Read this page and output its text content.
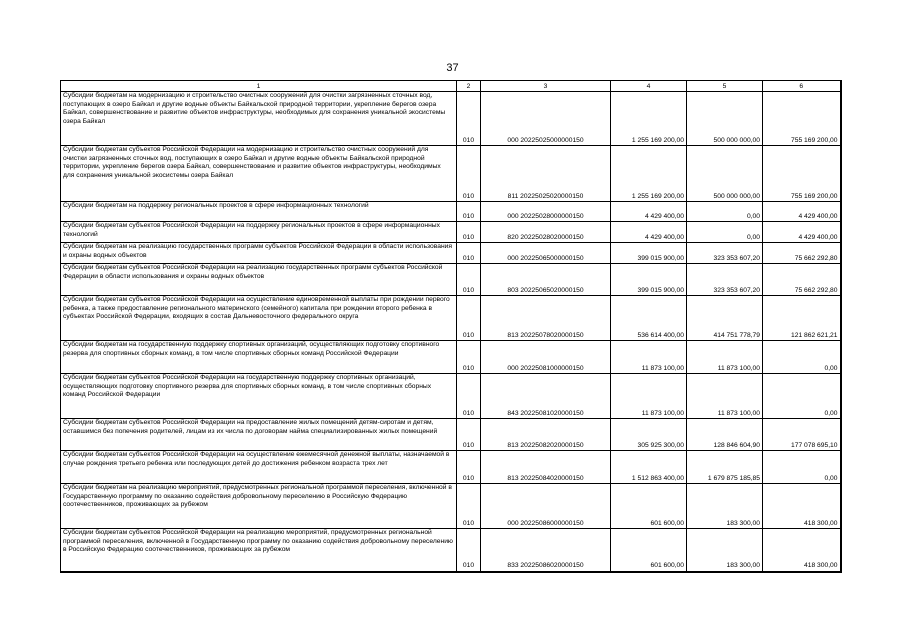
37
1	2	3	4	5	6
Субсидии бюджетам на модернизацию и строительство очистных сооружений для очистки загрязненных сточных вод, поступающих в озеро Байкал и другие водные объекты Байкальской природной территории, укрепление берегов озера Байкал, совершенствование и развитие объектов инфраструктуры, необходимых для сохранения уникальной экосистемы озера Байкал	010	000 20225025000000150	1 255 169 200,00	500 000 000,00	755 169 200,00
Субсидии бюджетам субъектов Российской Федерации на модернизацию и строительство очистных сооружений для очистки загрязненных сточных вод, поступающих в озеро Байкал и другие водные объекты Байкальской природной территории, укрепление берегов озера Байкал, совершенствование и развитие объектов инфраструктуры, необходимых для сохранения уникальной экосистемы озера Байкал	010	811 20225025020000150	1 255 169 200,00	500 000 000,00	755 169 200,00
Субсидии бюджетам на поддержку региональных проектов в сфере информационных технологий	010	000 20225028000000150	4 429 400,00	0,00	4 429 400,00
Субсидии бюджетам субъектов Российской Федерации на поддержку региональных проектов в сфере информационных технологий	010	820 20225028020000150	4 429 400,00	0,00	4 429 400,00
Субсидии бюджетам на реализацию государственных программ субъектов Российской Федерации в области использования и охраны водных объектов	010	000 20225065000000150	399 015 900,00	323 353 607,20	75 662 292,80
Субсидии бюджетам субъектов Российской Федерации на реализацию государственных программ субъектов Российской Федерации в области использования и охраны водных объектов	010	803 20225065020000150	399 015 900,00	323 353 607,20	75 662 292,80
Субсидии бюджетам субъектов Российской Федерации на осуществление единовременной выплаты при рождении первого ребенка, а также предоставление регионального материнского (семейного) капитала при рождении второго ребенка в субъектах Российской Федерации, входящих в состав Дальневосточного федерального округа	010	813 20225078020000150	536 614 400,00	414 751 778,79	121 862 621,21
Субсидии бюджетам на государственную поддержку спортивных организаций, осуществляющих подготовку спортивного резерва для спортивных сборных команд, в том числе спортивных сборных команд Российской Федерации	010	000 20225081000000150	11 873 100,00	11 873 100,00	0,00
Субсидии бюджетам субъектов Российской Федерации на государственную поддержку спортивных организаций, осуществляющих подготовку спортивного резерва для спортивных сборных команд, в том числе спортивных сборных команд Российской Федерации	010	843 20225081020000150	11 873 100,00	11 873 100,00	0,00
Субсидии бюджетам субъектов Российской Федерации на предоставление жилых помещений детям-сиротам и детям, оставшимся без попечения родителей, лицам из их числа по договорам найма специализированных жилых помещений	010	813 20225082020000150	305 925 300,00	128 846 604,90	177 078 695,10
Субсидии бюджетам субъектов Российской Федерации на осуществление ежемесячной денежной выплаты, назначаемой в случае рождения третьего ребенка или последующих детей до достижения ребенком возраста трех лет	010	813 20225084020000150	1 512 863 400,00	1 679 875 185,85	0,00
Субсидии бюджетам на реализацию мероприятий, предусмотренных региональной программой переселения, включенной в Государственную программу по оказанию содействия добровольному переселению в Российскую Федерацию соотечественников, проживающих за рубежом	010	000 20225086000000150	601 600,00	183 300,00	418 300,00
Субсидии бюджетам субъектов Российской Федерации на реализацию мероприятий, предусмотренных региональной программой переселения, включенной в Государственную программу по оказанию содействия добровольному переселению в Российскую Федерацию соотечественников, проживающих за рубежом	010	833 20225086020000150	601 600,00	183 300,00	418 300,00
